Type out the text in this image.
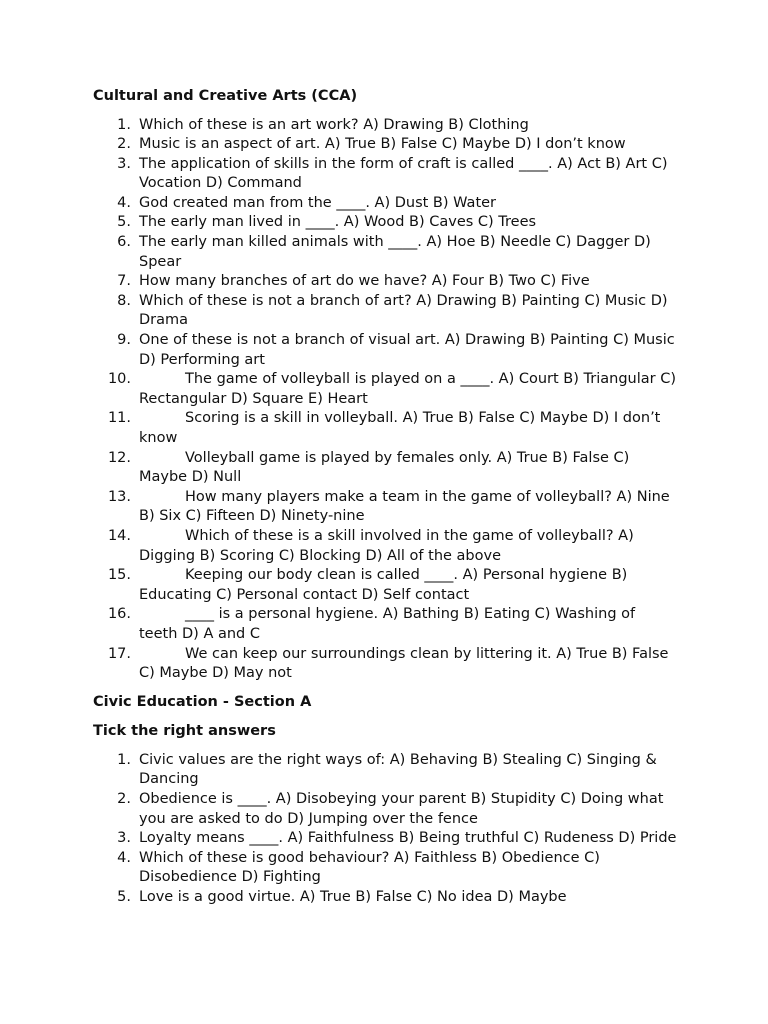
Cultural and Creative Arts (CCA)

1. Which of these is an art work? A) Drawing B) Clothing
2. Music is an aspect of art. A) True B) False C) Maybe D) I don’t know
3. The application of skills in the form of craft is called ____. A) Act B) Art C) Vocation D) Command
4. God created man from the ____. A) Dust B) Water
5. The early man lived in ____. A) Wood B) Caves C) Trees
6. The early man killed animals with ____. A) Hoe B) Needle C) Dagger D) Spear
7. How many branches of art do we have? A) Four B) Two C) Five
8. Which of these is not a branch of art? A) Drawing B) Painting C) Music D) Drama
9. One of these is not a branch of visual art. A) Drawing B) Painting C) Music D) Performing art
10.	The game of volleyball is played on a ____. A) Court B) Triangular C) Rectangular D) Square E) Heart
11.	Scoring is a skill in volleyball. A) True B) False C) Maybe D) I don’t know
12.	Volleyball game is played by females only. A) True B) False C) Maybe D) Null
13.	How many players make a team in the game of volleyball? A) Nine B) Six C) Fifteen D) Ninety-nine
14.	Which of these is a skill involved in the game of volleyball? A) Digging B) Scoring C) Blocking D) All of the above
15.	Keeping our body clean is called ____. A) Personal hygiene B) Educating C) Personal contact D) Self contact
16.	____ is a personal hygiene. A) Bathing B) Eating C) Washing of teeth D) A and C
17.	We can keep our surroundings clean by littering it. A) True B) False C) Maybe D) May not

Civic Education - Section A

Tick the right answers

1. Civic values are the right ways of: A) Behaving B) Stealing C) Singing & Dancing
2. Obedience is ____. A) Disobeying your parent B) Stupidity C) Doing what you are asked to do D) Jumping over the fence
3. Loyalty means ____. A) Faithfulness B) Being truthful C) Rudeness D) Pride
4. Which of these is good behaviour? A) Faithless B) Obedience C) Disobedience D) Fighting
5. Love is a good virtue. A) True B) False C) No idea D) Maybe
